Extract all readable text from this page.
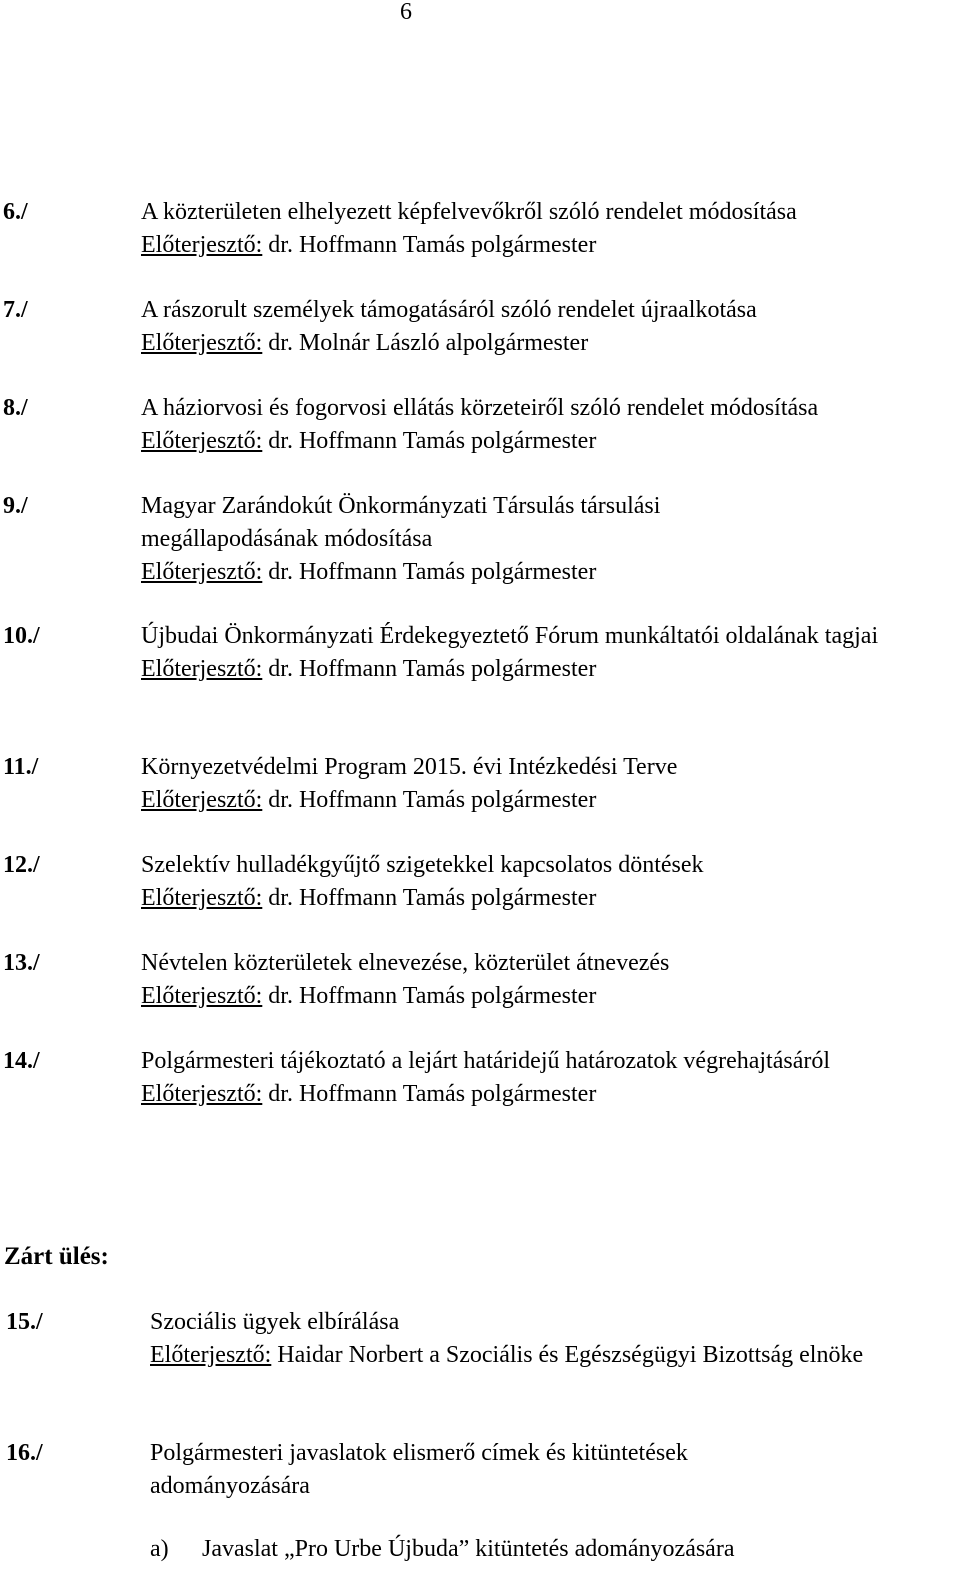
6
6./	A közterületen elhelyezett képfelvevőkről szóló rendelet módosítása
Előterjesztő: dr. Hoffmann Tamás polgármester
7./	A rászorult személyek támogatásáról szóló rendelet újraalkotása
Előterjesztő: dr. Molnár László alpolgármester
8./	A háziorvosi és fogorvosi ellátás körzeteiről szóló rendelet módosítása
Előterjesztő: dr. Hoffmann Tamás polgármester
9./	Magyar Zarándokút Önkormányzati Társulás társulási megállapodásának módosítása
Előterjesztő: dr. Hoffmann Tamás polgármester
10./	Újbudai Önkormányzati Érdekegyeztető Fórum munkáltatói oldalának tagjai
Előterjesztő: dr. Hoffmann Tamás polgármester
11./	Környezetvédelmi Program 2015. évi Intézkedési Terve
Előterjesztő: dr. Hoffmann Tamás polgármester
12./	Szelektív hulladékgyűjtő szigetekkel kapcsolatos döntések
Előterjesztő: dr. Hoffmann Tamás polgármester
13./	Névtelen közterületek elnevezése, közterület átnevezés
Előterjesztő: dr. Hoffmann Tamás polgármester
14./	Polgármesteri tájékoztató a lejárt határidejű határozatok végrehajtásáról
Előterjesztő: dr. Hoffmann Tamás polgármester
Zárt ülés:
15./	Szociális ügyek elbírálása
Előterjesztő: Haidar Norbert a Szociális és Egészségügyi Bizottság elnöke
16./	Polgármesteri javaslatok elismerő címek és kitüntetések adományozására
a) Javaslat „Pro Urbe Újbuda” kitüntetés adományozására
